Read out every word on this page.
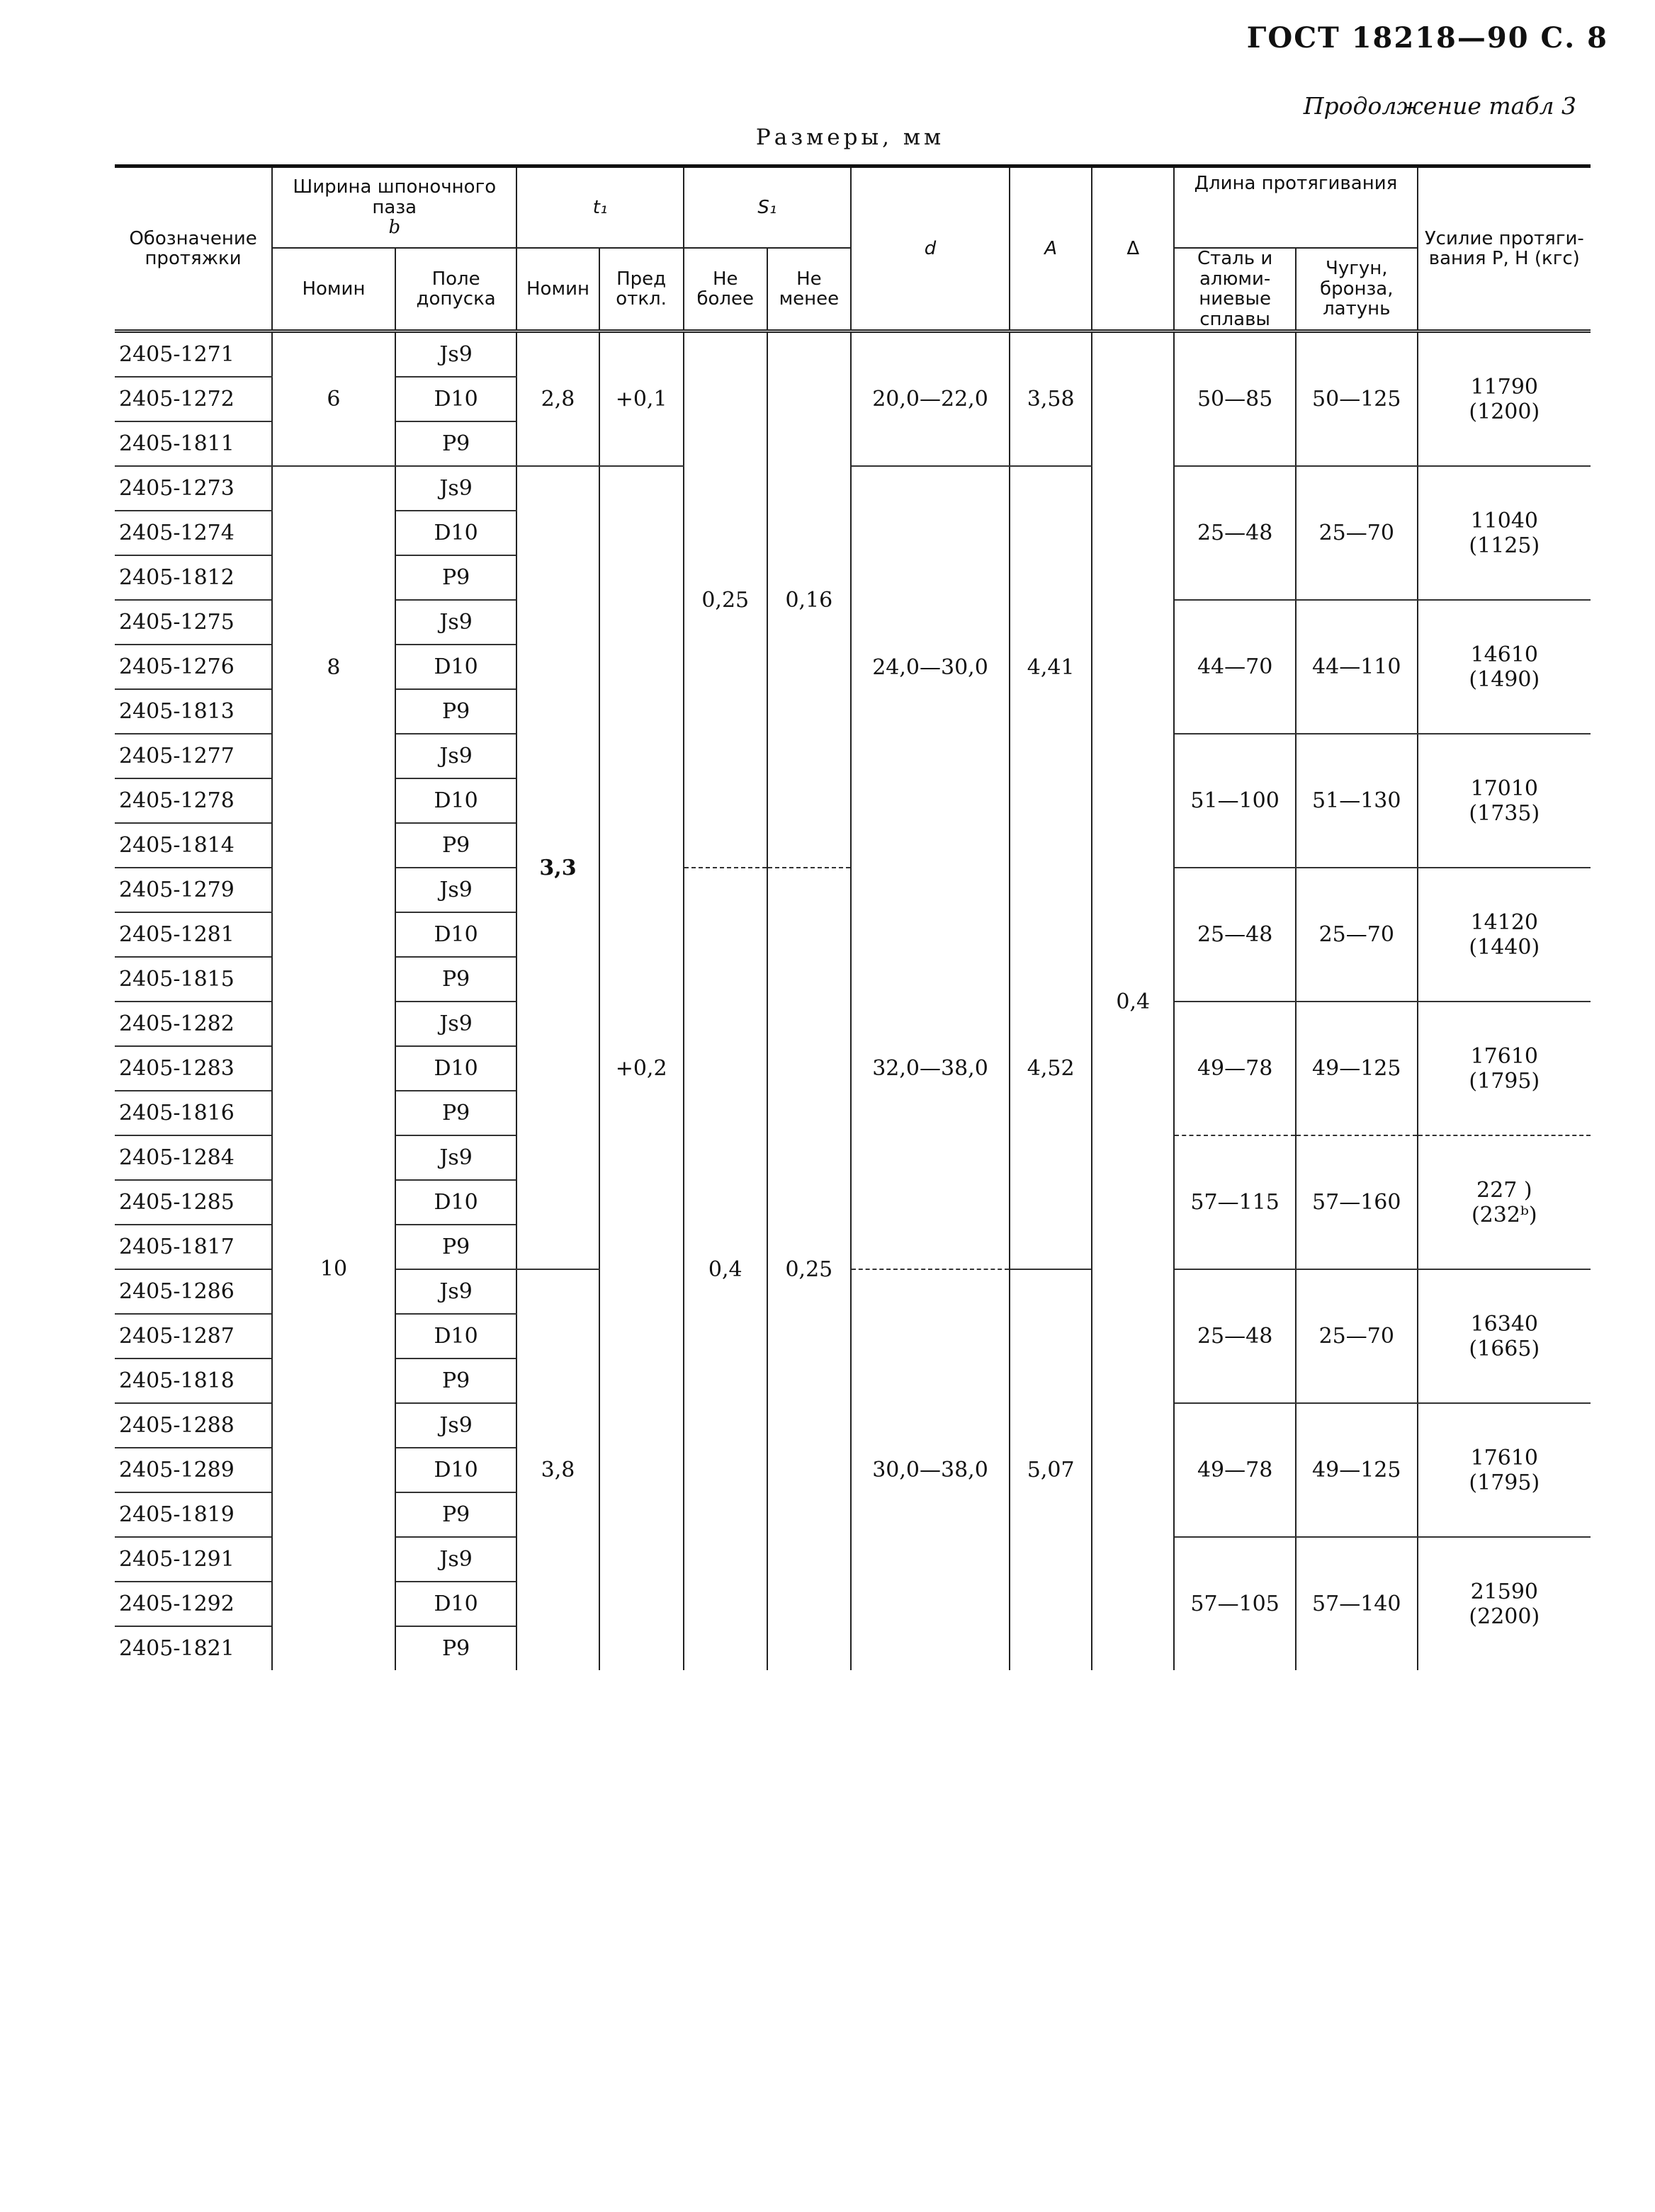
ГОСТ 18218—90 С. 8
Продолжение табл 3
Размеры, мм
Обозначение протяжки	Ширина шпоночного паза
b		t₁		S₁		d	A	Δ	Длина протягивания		Усилие протяги- вания P, H (кгс)
	Номин	Поле допуска	Номин	Пред откл.	Не более	Не менее				Сталь и алюми- ниевые сплавы	Чугун, бронза, латунь	
2405-1271	6	Js9	2,8	+0,1	0,25	0,16	20,0—22,0	3,58	0,4	50—85	50—125	11790
(1200)
2405-1272		D10										
2405-1811		P9										
2405-1273	8	Js9	3,3	+0,2			24,0—30,0	4,41		25—48	25—70	11040
(1125)
2405-1274		D10										
2405-1812		P9										
2405-1275		Js9								44—70	44—110	14610
(1490)
2405-1276		D10										
2405-1813		P9										
2405-1277		Js9								51—100	51—130	17010
(1735)
2405-1278		D10										
2405-1814		P9										
2405-1279	10	Js9			0,4	0,25	32,0—38,0	4,52		25—48	25—70	14120
(1440)
2405-1281		D10										
2405-1815		P9										
2405-1282		Js9								49—78	49—125	17610
(1795)
2405-1283		D10										
2405-1816		P9										
2405-1284		Js9								57—115	57—160	227 )
(232ᵇ)
2405-1285		D10										
2405-1817		P9										
2405-1286		Js9	3,8				30,0—38,0	5,07		25—48	25—70	16340
(1665)
2405-1287		D10										
2405-1818		P9										
2405-1288		Js9								49—78	49—125	17610
(1795)
2405-1289		D10										
2405-1819		P9										
2405-1291		Js9								57—105	57—140	21590
(2200)
2405-1292		D10										
2405-1821		P9										
